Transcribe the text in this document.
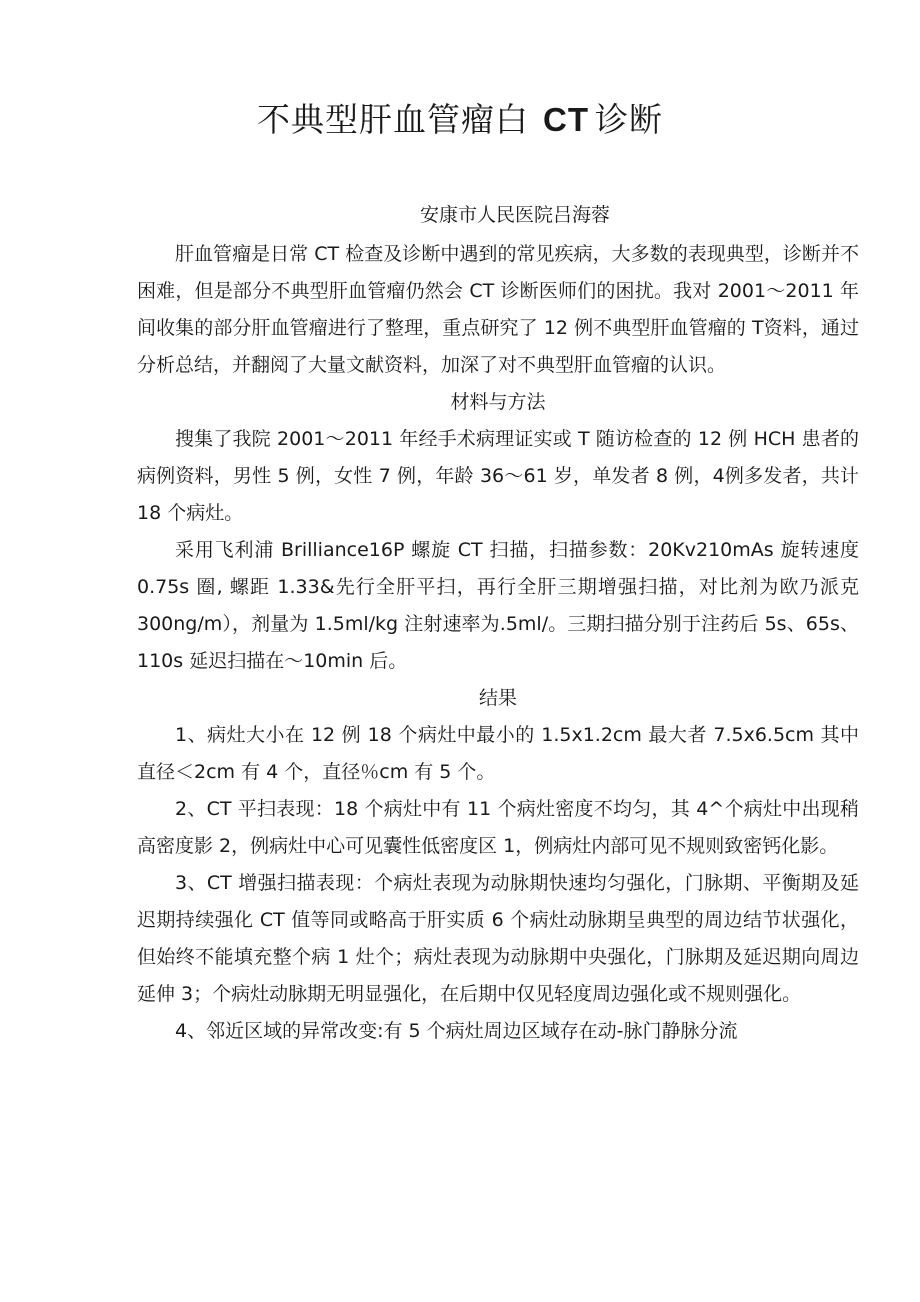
不典型肝血管瘤白 CT 诊断

安康市人民医院吕海蓉

肝血管瘤是日常 CT 检查及诊断中遇到的常见疾病，大多数的表现典型，诊断并不困难，但是部分不典型肝血管瘤仍然会 CT 诊断医师们的困扰。我对 2001～2011 年间收集的部分肝血管瘤进行了整理，重点研究了 12 例不典型肝血管瘤的 T资料，通过分析总结，并翻阅了大量文献资料，加深了对不典型肝血管瘤的认识。

材料与方法

搜集了我院 2001～2011 年经手术病理证实或 T 随访检查的 12 例 HCH 患者的病例资料，男性 5 例，女性 7 例，年龄 36～61 岁，单发者 8 例，4例多发者，共计 18 个病灶。

采用飞利浦 Brilliance16P 螺旋 CT 扫描，扫描参数：20Kv210mAs 旋转速度 0.75s 圈, 螺距 1.33&先行全肝平扫，再行全肝三期增强扫描，对比剂为欧乃派克 300ng/m），剂量为 1.5ml/kg 注射速率为.5ml/。三期扫描分别于注药后 5s、65s、110s 延迟扫描在～10min 后。

结果

1、病灶大小在 12 例 18 个病灶中最小的 1.5x1.2cm 最大者 7.5x6.5cm 其中直径＜2cm 有 4 个，直径％cm 有 5 个。

2、CT 平扫表现：18 个病灶中有 11 个病灶密度不均匀，其 4^个病灶中出现稍高密度影 2，例病灶中心可见囊性低密度区 1，例病灶内部可见不规则致密钙化影。

3、CT 增强扫描表现：个病灶表现为动脉期快速均匀强化，门脉期、平衡期及延迟期持续强化 CT 值等同或略高于肝实质 6 个病灶动脉期呈典型的周边结节状强化，但始终不能填充整个病 1 灶个；病灶表现为动脉期中央强化，门脉期及延迟期向周边延伸 3；个病灶动脉期无明显强化，在后期中仅见轻度周边强化或不规则强化。

4、邻近区域的异常改变:有 5 个病灶周边区域存在动-脉门静脉分流
